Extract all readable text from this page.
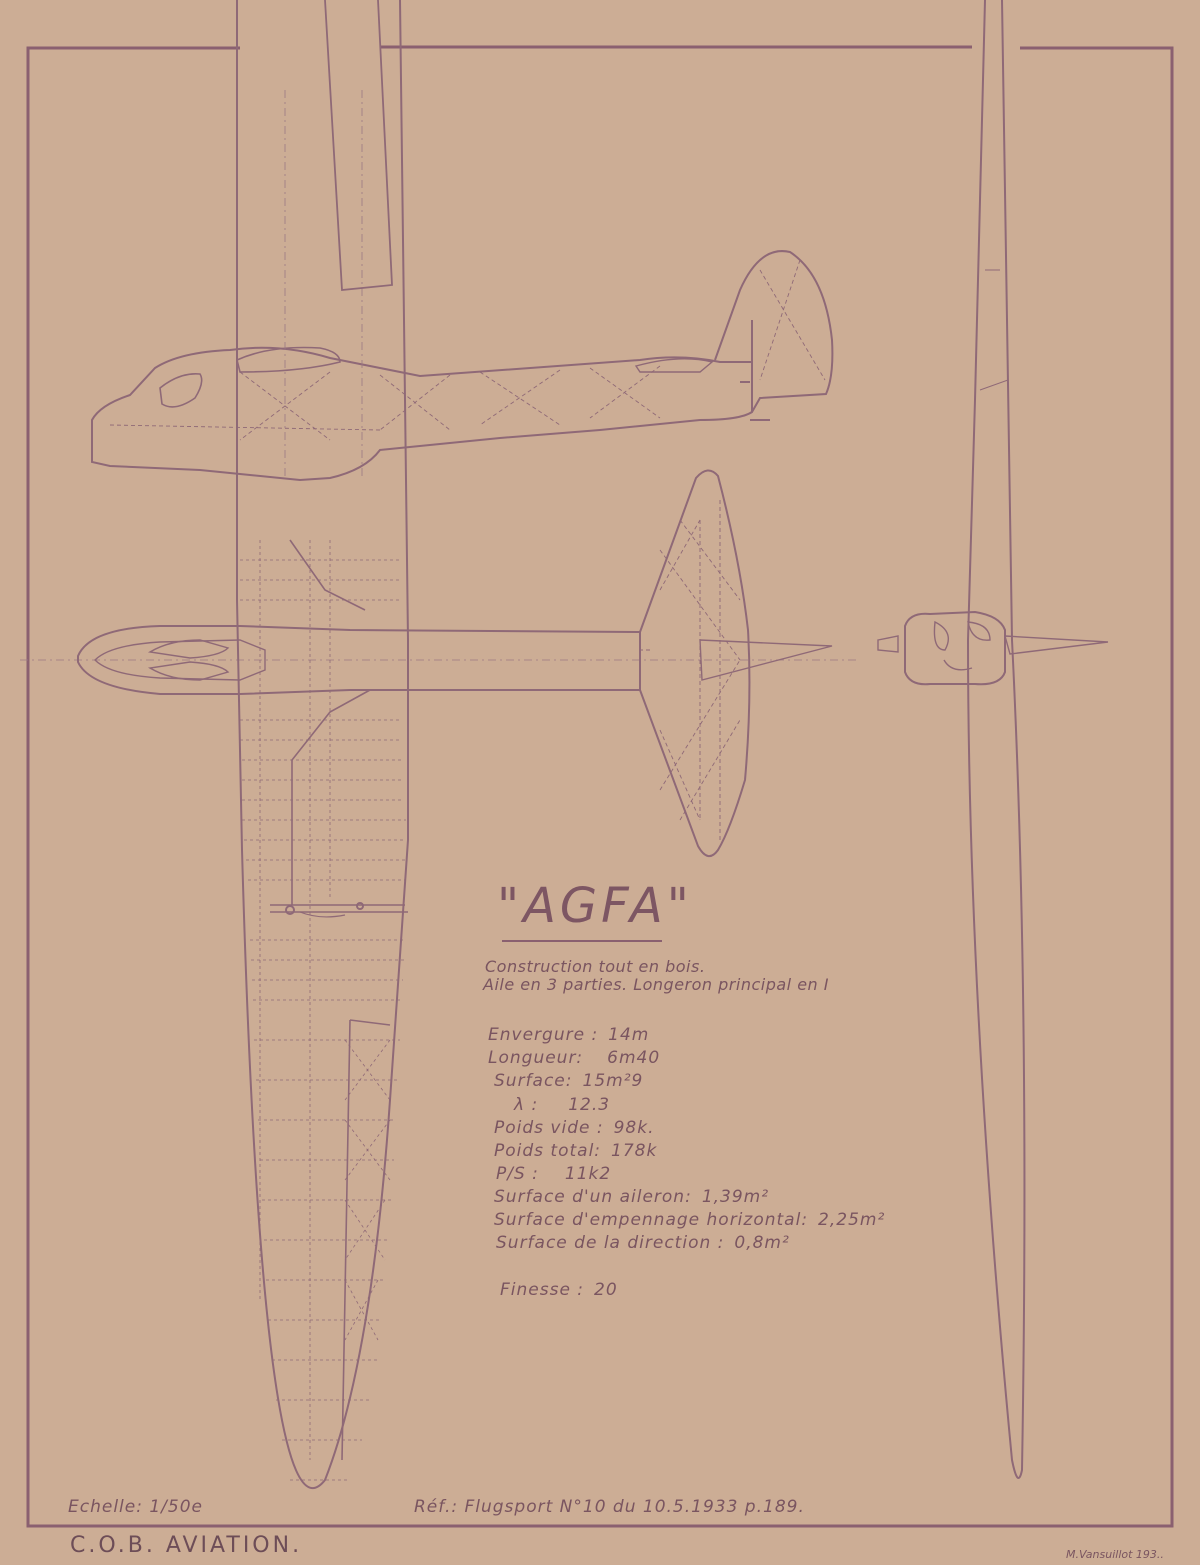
"AGFA"
Construction tout en bois.
Aile en 3 parties. Longeron principal en I
Envergure : 14m
Longueur: 6m40
Surface: 15m²9
λ : 12.3
Poids vide : 98k.
Poids total: 178k
P/S : 11k2
Surface d'un aileron: 1,39m²
Surface d'empennage horizontal: 2,25m²
Surface de la direction : 0,8m²
Finesse : 20
Echelle: 1/50e	Réf.: Flugsport N°10 du 10.5.1933 p.189.
C.O.B. AVIATION.	M.Vansuillot 193..
